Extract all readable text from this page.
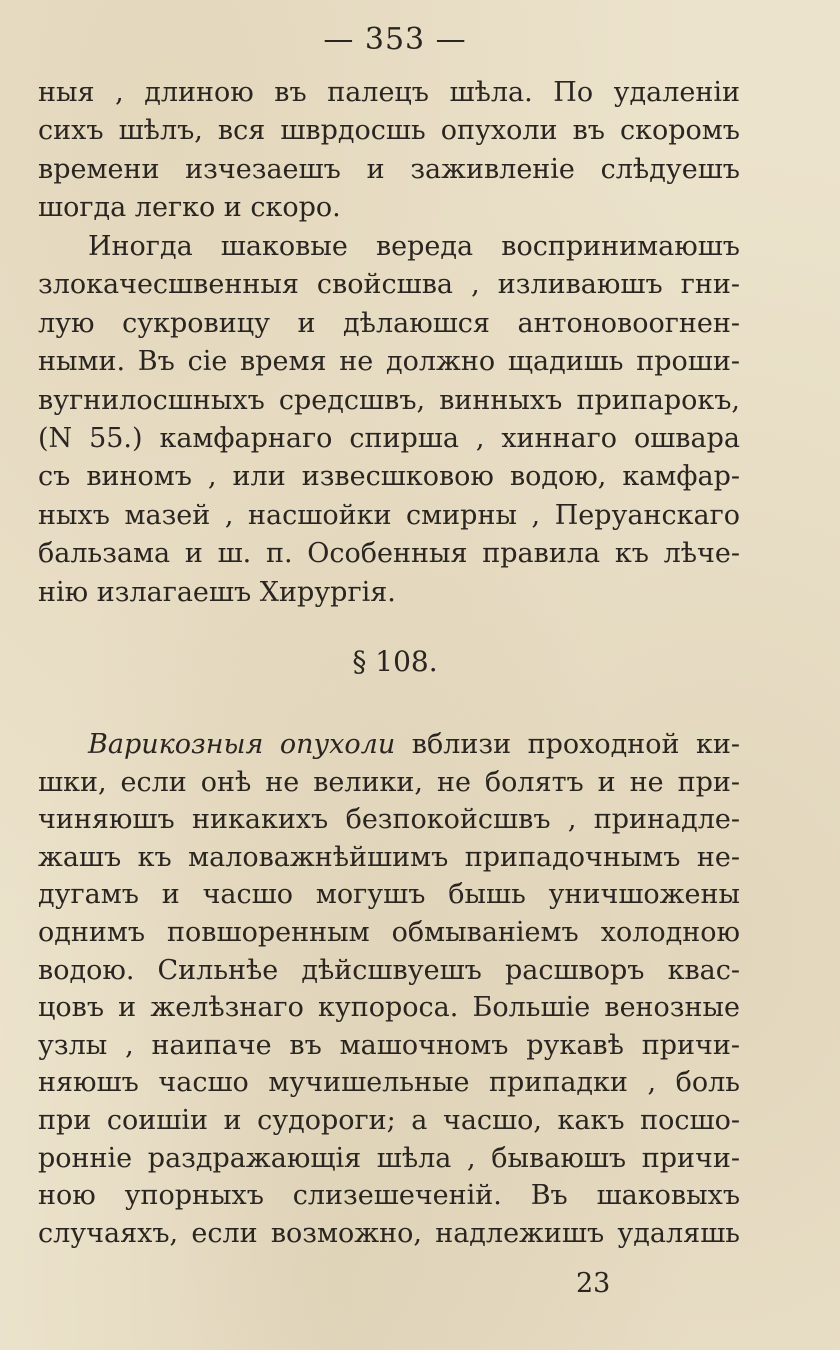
— 353 —
ныя , длиною въ палецъ шѣла. По удаленіи
сихъ шѣлъ, вся шврдосшь опухоли въ скоромъ
времени изчезаешъ и заживленіе слѣдуешъ
шогда легко и скоро.
Иногда шаковые вереда воспринимаюшъ
злокачесшвенныя свойсшва , изливаюшъ гни-
лую сукровицу и дѣлаюшся антоновоогнен-
ными. Въ сіе время не должно щадишь проши-
вугнилосшныхъ средсшвъ, винныхъ припарокъ,
(N 55.) камфарнаго спирша , хиннаго ошвара
съ виномъ , или извесшковою водою, камфар-
ныхъ мазей , насшойки смирны , Перуанскаго
бальзама и ш. п. Особенныя правила къ лѣче-
нію излагаешъ Хирургія.
§ 108.
Варикозныя опухоли вблизи проходной ки-
шки, если онѣ не велики, не болятъ и не при-
чиняюшъ никакихъ безпокойсшвъ , принадле-
жашъ къ маловажнѣйшимъ припадочнымъ не-
дугамъ и часшо могушъ бышь уничшожены
однимъ повшоренным обмываніемъ холодною
водою. Сильнѣе дѣйсшвуешъ расшворъ квас-
цовъ и желѣзнаго купороса. Большіе венозные
узлы , наипаче въ машочномъ рукавѣ причи-
няюшъ часшо мучишельные припадки , боль
при соишіи и судороги; а часшо, какъ посшо-
ронніе раздражающія шѣла , бываюшъ причи-
ною упорныхъ слизешеченій. Въ шаковыхъ
случаяхъ, если возможно, надлежишъ удаляшь
23
